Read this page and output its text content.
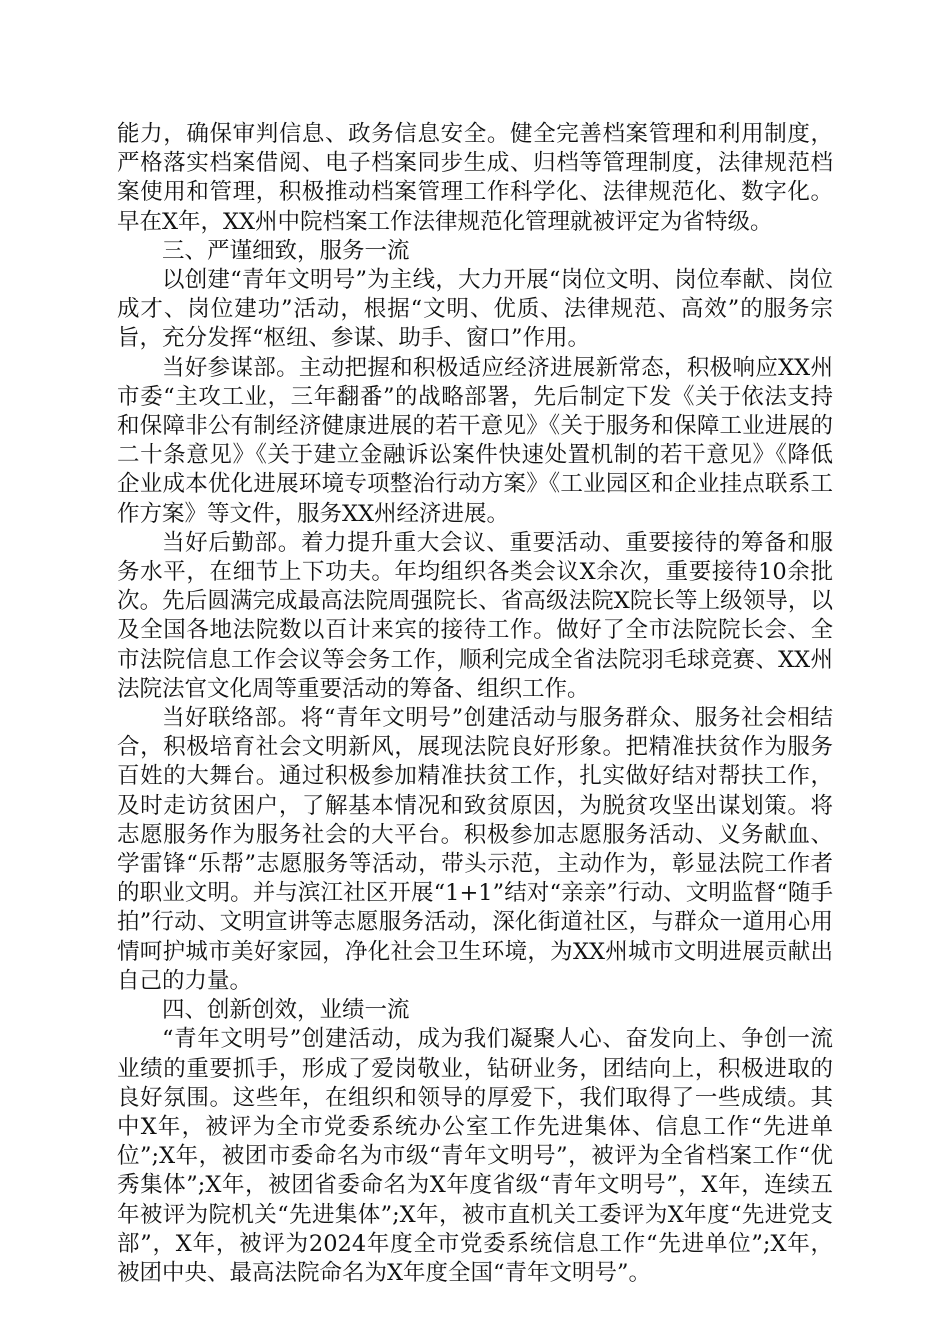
能力，确保审判信息、政务信息安全。健全完善档案管理和利用制度，严格落实档案借阅、电子档案同步生成、归档等管理制度，法律规范档案使用和管理，积极推动档案管理工作科学化、法律规范化、数字化。早在X年，XX州中院档案工作法律规范化管理就被评定为省特级。

三、严谨细致，服务一流

以创建“青年文明号”为主线，大力开展“岗位文明、岗位奉献、岗位成才、岗位建功”活动，根据“文明、优质、法律规范、高效”的服务宗旨，充分发挥“枢纽、参谋、助手、窗口”作用。

当好参谋部。主动把握和积极适应经济进展新常态，积极响应XX州市委“主攻工业，三年翻番”的战略部署，先后制定下发《关于依法支持和保障非公有制经济健康进展的若干意见》《关于服务和保障工业进展的二十条意见》《关于建立金融诉讼案件快速处置机制的若干意见》《降低企业成本优化进展环境专项整治行动方案》《工业园区和企业挂点联系工作方案》等文件，服务XX州经济进展。

当好后勤部。着力提升重大会议、重要活动、重要接待的筹备和服务水平，在细节上下功夫。年均组织各类会议X余次，重要接待10余批次。先后圆满完成最高法院周强院长、省高级法院X院长等上级领导，以及全国各地法院数以百计来宾的接待工作。做好了全市法院院长会、全市法院信息工作会议等会务工作，顺利完成全省法院羽毛球竞赛、XX州法院法官文化周等重要活动的筹备、组织工作。

当好联络部。将“青年文明号”创建活动与服务群众、服务社会相结合，积极培育社会文明新风，展现法院良好形象。把精准扶贫作为服务百姓的大舞台。通过积极参加精准扶贫工作，扎实做好结对帮扶工作，及时走访贫困户，了解基本情况和致贫原因，为脱贫攻坚出谋划策。将志愿服务作为服务社会的大平台。积极参加志愿服务活动、义务献血、学雷锋“乐帮”志愿服务等活动，带头示范，主动作为，彰显法院工作者的职业文明。并与滨江社区开展“1+1”结对“亲亲”行动、文明监督“随手拍”行动、文明宣讲等志愿服务活动，深化街道社区，与群众一道用心用情呵护城市美好家园，净化社会卫生环境，为XX州城市文明进展贡献出自己的力量。

四、创新创效，业绩一流

“青年文明号”创建活动，成为我们凝聚人心、奋发向上、争创一流业绩的重要抓手，形成了爱岗敬业，钻研业务，团结向上，积极进取的良好氛围。这些年，在组织和领导的厚爱下，我们取得了一些成绩。其中X年，被评为全市党委系统办公室工作先进集体、信息工作“先进单位”;X年，被团市委命名为市级“青年文明号”，被评为全省档案工作“优秀集体”;X年，被团省委命名为X年度省级“青年文明号”，X年，连续五年被评为院机关“先进集体”;X年，被市直机关工委评为X年度“先进党支部”，X年，被评为2024年度全市党委系统信息工作“先进单位”;X年，被团中央、最高法院命名为X年度全国“青年文明号”。
